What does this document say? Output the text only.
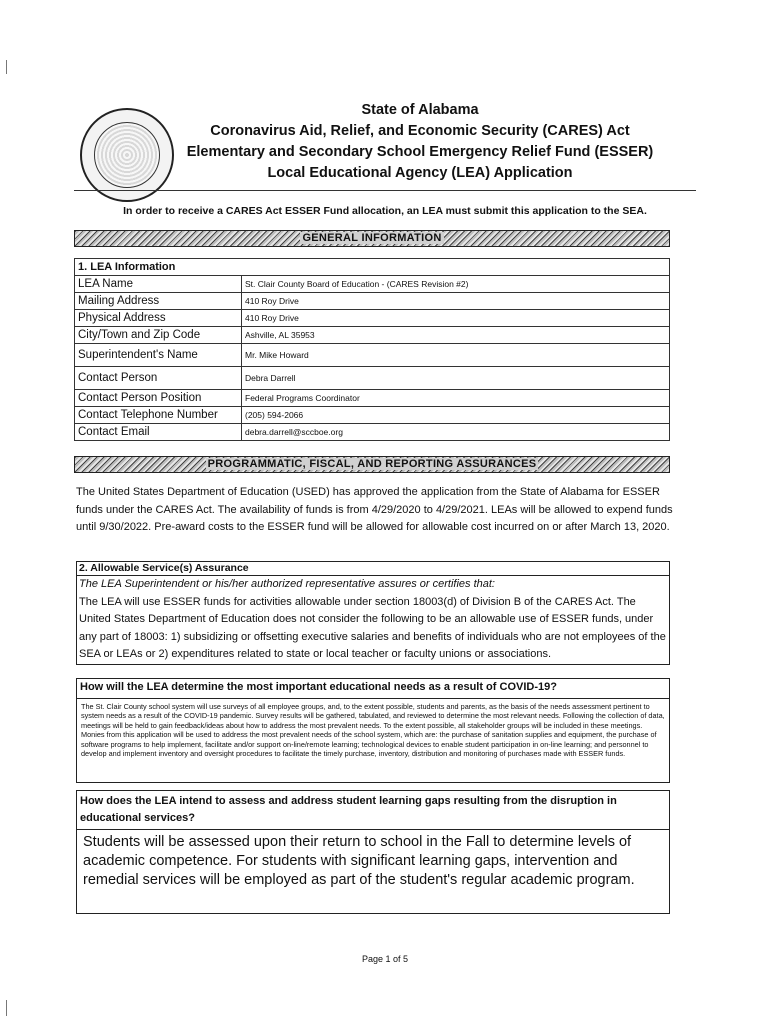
State of Alabama
Coronavirus Aid, Relief, and Economic Security (CARES) Act
Elementary and Secondary School Emergency Relief Fund (ESSER)
Local Educational Agency (LEA) Application
In order to receive a CARES Act ESSER Fund allocation, an LEA must submit this application to the SEA.
GENERAL INFORMATION
1. LEA Information	
LEA Name	St. Clair County Board of Education - (CARES Revision #2)
Mailing Address	410 Roy Drive
Physical Address	410 Roy Drive
City/Town and Zip Code	Ashville, AL 35953
Superintendent's Name	Mr. Mike Howard
Contact Person	Debra Darrell
Contact Person Position	Federal Programs Coordinator
Contact Telephone Number	(205) 594-2066
Contact Email	debra.darrell@sccboe.org
PROGRAMMATIC, FISCAL, AND REPORTING ASSURANCES
The United States Department of Education (USED) has approved the application from the State of Alabama for ESSER funds under the CARES Act. The availability of funds is from 4/29/2020 to 4/29/2021. LEAs will be allowed to expend funds until 9/30/2022. Pre-award costs to the ESSER fund will be allowed for allowable cost incurred on or after March 13, 2020.
2. Allowable Service(s) Assurance
The LEA Superintendent or his/her authorized representative assures or certifies that:
The LEA will use ESSER funds for activities allowable under section 18003(d) of Division B of the CARES Act. The United States Department of Education does not consider the following to be an allowable use of ESSER funds, under any part of 18003: 1) subsidizing or offsetting executive salaries and benefits of individuals who are not employees of the SEA or LEAs or 2) expenditures related to state or local teacher or faculty unions or associations.
How will the LEA determine the most important educational needs as a result of COVID-19?
The St. Clair County school system will use surveys of all employee groups, and, to the extent possible, students and parents, as the basis of the needs assessment pertinent to system needs as a result of the COVID-19 pandemic. Survey results will be gathered, tabulated, and reviewed to determine the most relevant needs. Following the collection of data, meetings will be held to gain feedback/ideas about how to address the most prevalent needs. To the extent possible, all stakeholder groups will be included in these meetings. Monies from this application will be used to address the most prevalent needs of the school system, which are: the purchase of sanitation supplies and equipment, the purchase of software programs to help implement, facilitate and/or support on-line/remote learning; technological devices to enable student participation in on-line learning; and personnel to develop and implement inventory and oversight procedures to facilitate the timely purchase, inventory, distribution and monitoring of purchases made with ESSER funds.
How does the LEA intend to assess and address student learning gaps resulting from the disruption in educational services?
Students will be assessed upon their return to school in the Fall to determine levels of academic competence. For students with significant learning gaps, intervention and remedial services will be employed as part of the student's regular academic program.
Page 1 of 5
